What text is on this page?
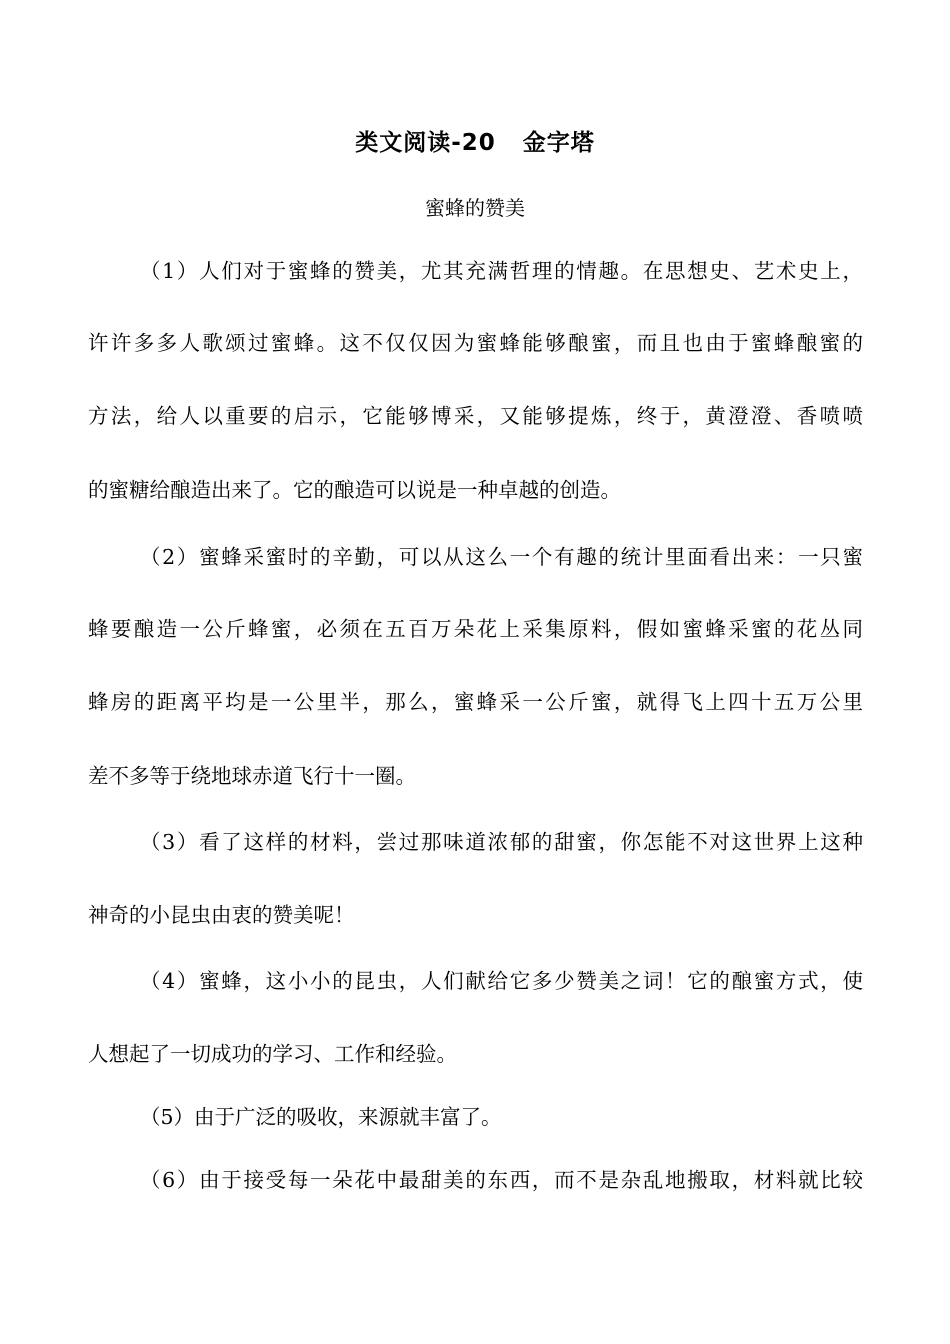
类文阅读-20   金字塔
蜜蜂的赞美
（1）人们对于蜜蜂的赞美，尤其充满哲理的情趣。在思想史、艺术史上，
许许多多人歌颂过蜜蜂。这不仅仅因为蜜蜂能够酿蜜，而且也由于蜜蜂酿蜜的
方法，给人以重要的启示，它能够博采，又能够提炼，终于，黄澄澄、香喷喷
的蜜糖给酿造出来了。它的酿造可以说是一种卓越的创造。
（2）蜜蜂采蜜时的辛勤，可以从这么一个有趣的统计里面看出来：一只蜜
蜂要酿造一公斤蜂蜜，必须在五百万朵花上采集原料，假如蜜蜂采蜜的花丛同
蜂房的距离平均是一公里半，那么，蜜蜂采一公斤蜜，就得飞上四十五万公里
差不多等于绕地球赤道飞行十一圈。
（3）看了这样的材料，尝过那味道浓郁的甜蜜，你怎能不对这世界上这种
神奇的小昆虫由衷的赞美呢！
（4）蜜蜂，这小小的昆虫，人们献给它多少赞美之词！它的酿蜜方式，使
人想起了一切成功的学习、工作和经验。
（5）由于广泛的吸收，来源就丰富了。
（6）由于接受每一朵花中最甜美的东西，而不是杂乱地搬取，材料就比较
